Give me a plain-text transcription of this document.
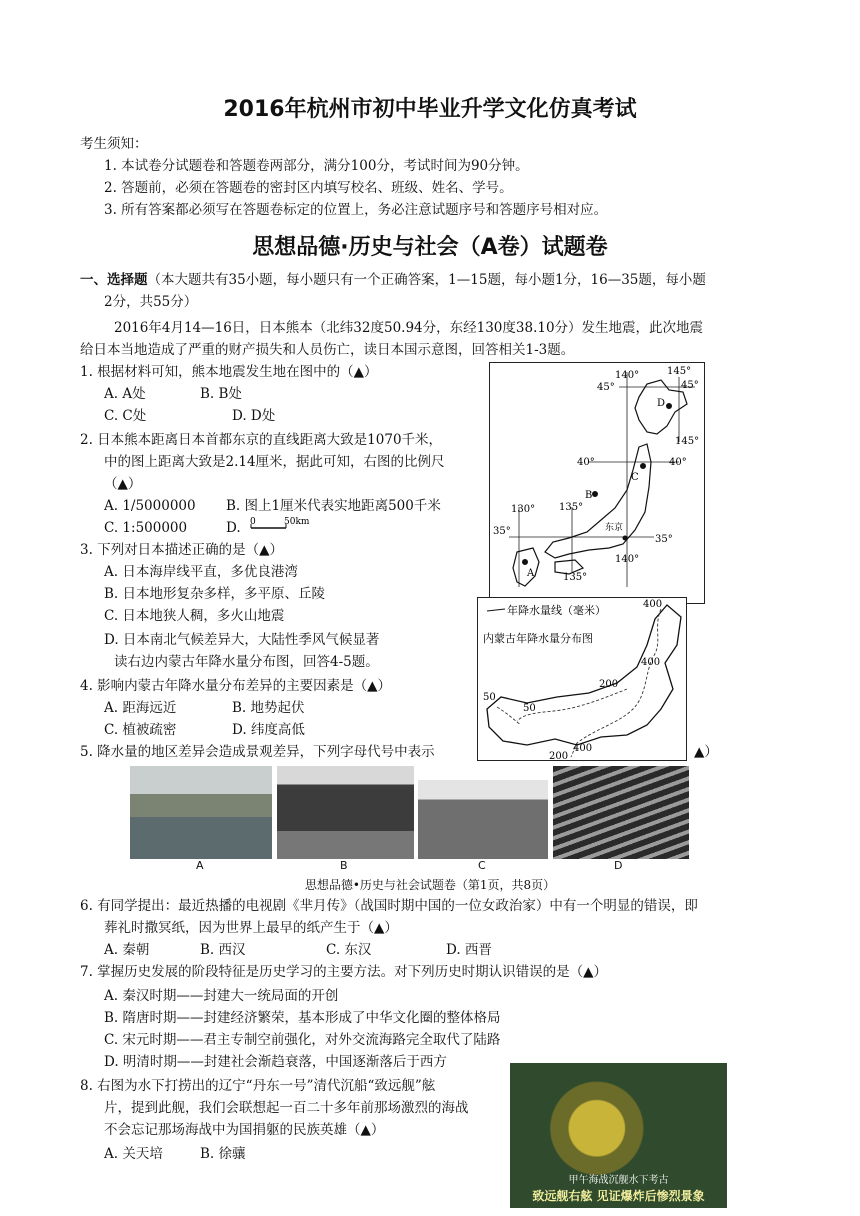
2016年杭州市初中毕业升学文化仿真考试
考生须知：
1. 本试卷分试题卷和答题卷两部分，满分100分，考试时间为90分钟。
2. 答题前，必须在答题卷的密封区内填写校名、班级、姓名、学号。
3. 所有答案都必须写在答题卷标定的位置上，务必注意试题序号和答题序号相对应。
思想品德·历史与社会（A卷）试题卷
一、选择题（本大题共有35小题，每小题只有一个正确答案，1—15题，每小题1分，16—35题，每小题
2分，共55分）
2016年4月14—16日，日本熊本（北纬32度50.94分，东经130度38.10分）发生地震，此次地震
给日本当地造成了严重的财产损失和人员伤亡，读日本国示意图，回答相关1-3题。
1. 根据材料可知，熊本地震发生地在图中的（▲）
A. A处	B. B处
C. C处	D. D处
2. 日本熊本距离日本首都东京的直线距离大致是1070千米，
中的图上距离大致是2.14厘米，据此可知，右图的比例尺
（▲）
A. 1/5000000 B. 图上1厘米代表实地距离500千米
C. 1:500000	D. 0	50km
3. 下列对日本描述正确的是（▲）
A. 日本海岸线平直，多优良港湾
B. 日本地形复杂多样，多平原、丘陵
C. 日本地狭人稠，多火山地震
D. 日本南北气候差异大，大陆性季风气候显著
读右边内蒙古年降水量分布图，回答4-5题。
4. 影响内蒙古年降水量分布差异的主要因素是（▲）
A. 距海远近	B. 地势起伏
C. 植被疏密	D. 纬度高低
5. 降水量的地区差异会造成景观差异，下列字母代号中表示	▲）
140°	145°
45°	45°
145°
40°	40°
130° 135°
35°
35°
135°
140°
A
B
C
D
东京
年降水量线（毫米）
内蒙古年降水量分布图
400
400
200
50
50
200
400
A	B	C	D
思想品德•历史与社会试题卷（第1页，共8页）
6. 有同学提出：最近热播的电视剧《芈月传》（战国时期中国的一位女政治家）中有一个明显的错误，即
葬礼时撒冥纸，因为世界上最早的纸产生于（▲）
A. 秦朝	B. 西汉	C. 东汉	D. 西晋
7. 掌握历史发展的阶段特征是历史学习的主要方法。对下列历史时期认识错误的是（▲）
A. 秦汉时期——封建大一统局面的开创
B. 隋唐时期——封建经济繁荣，基本形成了中华文化圈的整体格局
C. 宋元时期——君主专制空前强化，对外交流海路完全取代了陆路
D. 明清时期——封建社会渐趋衰落，中国逐渐落后于西方
8. 右图为水下打捞出的辽宁“丹东一号”清代沉船“致远舰”舷
片，提到此舰，我们会联想起一百二十多年前那场激烈的海战
不会忘记那场海战中为国捐躯的民族英雄（▲）
A. 关天培	B. 徐骧
甲午海战沉舰水下考古
致远舰右舷 见证爆炸后惨烈景象
